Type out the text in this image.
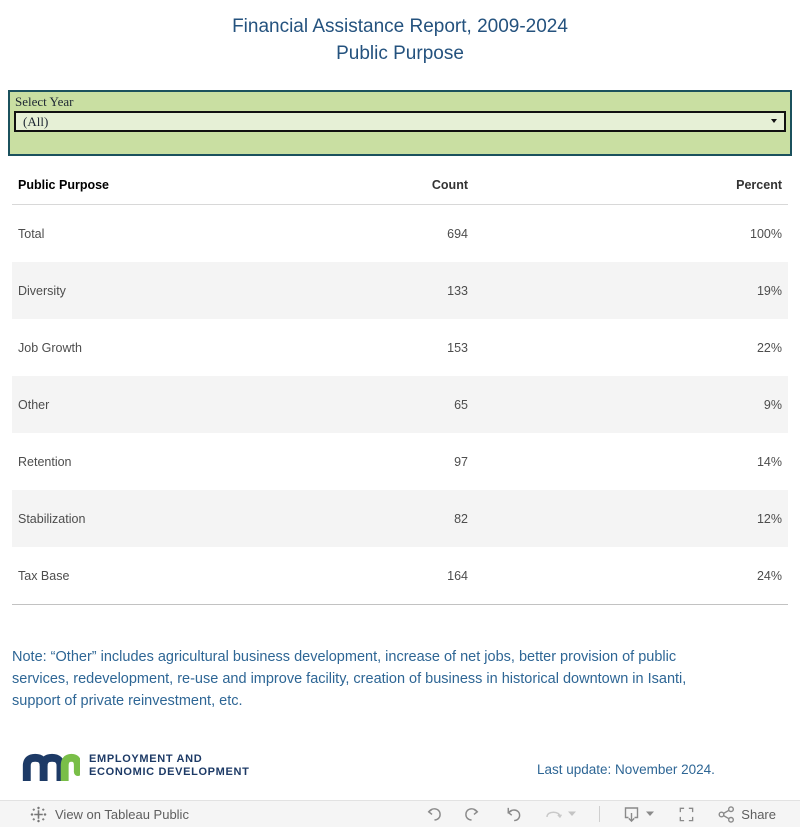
Financial Assistance Report, 2009-2024
Public Purpose
Select Year
(All)
Public Purpose	Count	Percent
Total	694	100%
Diversity	133	19%
Job Growth	153	22%
Other	65	9%
Retention	97	14%
Stabilization	82	12%
Tax Base	164	24%
Note: “Other” includes agricultural business development, increase of net jobs, better provision of public
services, redevelopment, re-use and improve facility, creation of business in historical downtown in Isanti,
support of private reinvestment, etc.
EMPLOYMENT AND
ECONOMIC DEVELOPMENT	Last update: November 2024.
View on Tableau Public	Share
